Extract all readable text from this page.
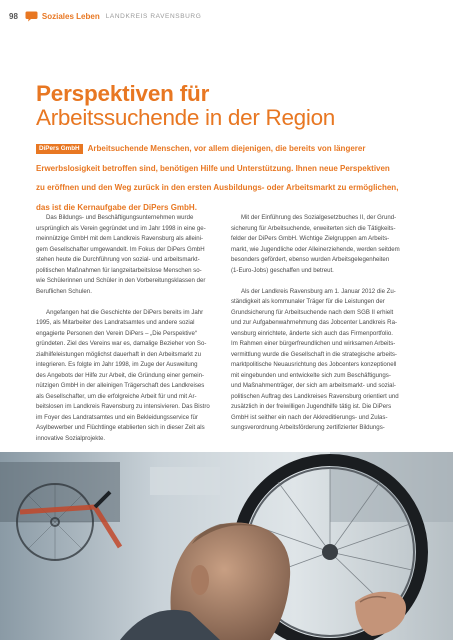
98	Soziales Leben LANDKREIS RAVENSBURG
Perspektiven für
Arbeitssuchende in der Region
DiPers GmbH Arbeitsuchende Menschen, vor allem diejenigen, die bereits von längerer
Erwerbslosigkeit betroffen sind, benötigen Hilfe und Unterstützung. Ihnen neue Perspektiven
zu eröffnen und den Weg zurück in den ersten Ausbildungs- oder Arbeitsmarkt zu ermöglichen,
das ist die Kernaufgabe der DiPers GmbH.

Das Bildungs- und Beschäftigungsunternehmen wurde
ursprünglich als Verein gegründet und im Jahr 1998 in eine ge-
meinnützige GmbH mit dem Landkreis Ravensburg als alleini-
gem Gesellschafter umgewandelt. Im Fokus der DiPers GmbH
stehen heute die Durchführung von sozial- und arbeitsmarkt-
politischen Maßnahmen für langzeitarbeitslose Menschen so-
wie Schülerinnen und Schüler in den Vorbereitungsklassen der
Beruflichen Schulen.

Angefangen hat die Geschichte der DiPers bereits im Jahr
1995, als Mitarbeiter des Landratsamtes und andere sozial
engagierte Personen den Verein DiPers – „Die Perspektive“
gründeten. Ziel des Vereins war es, damalige Bezieher von So-
zialhilfeleistungen möglichst dauerhaft in den Arbeitsmarkt zu
integrieren. Es folgte im Jahr 1998, im Zuge der Ausweitung
des Angebots der Hilfe zur Arbeit, die Gründung einer gemein-
nützigen GmbH in der alleinigen Trägerschaft des Landkreises
als Gesellschafter, um die erfolgreiche Arbeit für und mit Ar-
beitslosen im Landkreis Ravensburg zu intensivieren. Das Bistro
im Foyer des Landratsamtes und ein Bekleidungsservice für
Asylbewerber und Flüchtlinge etablierten sich in dieser Zeit als
innovative Sozialprojekte.

Mit der Einführung des Sozialgesetzbuches II, der Grund-
sicherung für Arbeitsuchende, erweiterten sich die Tätigkeits-
felder der DiPers GmbH. Wichtige Zielgruppen am Arbeits-
markt, wie Jugendliche oder Alleinerziehende, werden seitdem
besonders gefördert, ebenso wurden Arbeitsgelegenheiten
(1-Euro-Jobs) geschaffen und betreut.

Als der Landkreis Ravensburg am 1. Januar 2012 die Zu-
ständigkeit als kommunaler Träger für die Leistungen der
Grundsicherung für Arbeitsuchende nach dem SGB II erhielt
und zur Aufgabenwahrnehmung das Jobcenter Landkreis Ra-
vensburg einrichtete, änderte sich auch das Firmenportfolio.
Im Rahmen einer bürgerfreundlichen und wirksamen Arbeits-
vermittlung wurde die Gesellschaft in die strategische arbeits-
marktpolitische Neuausrichtung des Jobcenters konzeptionell
mit eingebunden und entwickelte sich zum Beschäftigungs-
und Maßnahmenträger, der sich am arbeitsmarkt- und sozial-
politischen Auftrag des Landkreises Ravensburg orientiert und
zusätzlich in der freiwilligen Jugendhilfe tätig ist. Die DiPers
GmbH ist seither ein nach der Akkreditierungs- und Zulas-
sungsverordnung Arbeitsförderung zertifizierter Bildungs-
